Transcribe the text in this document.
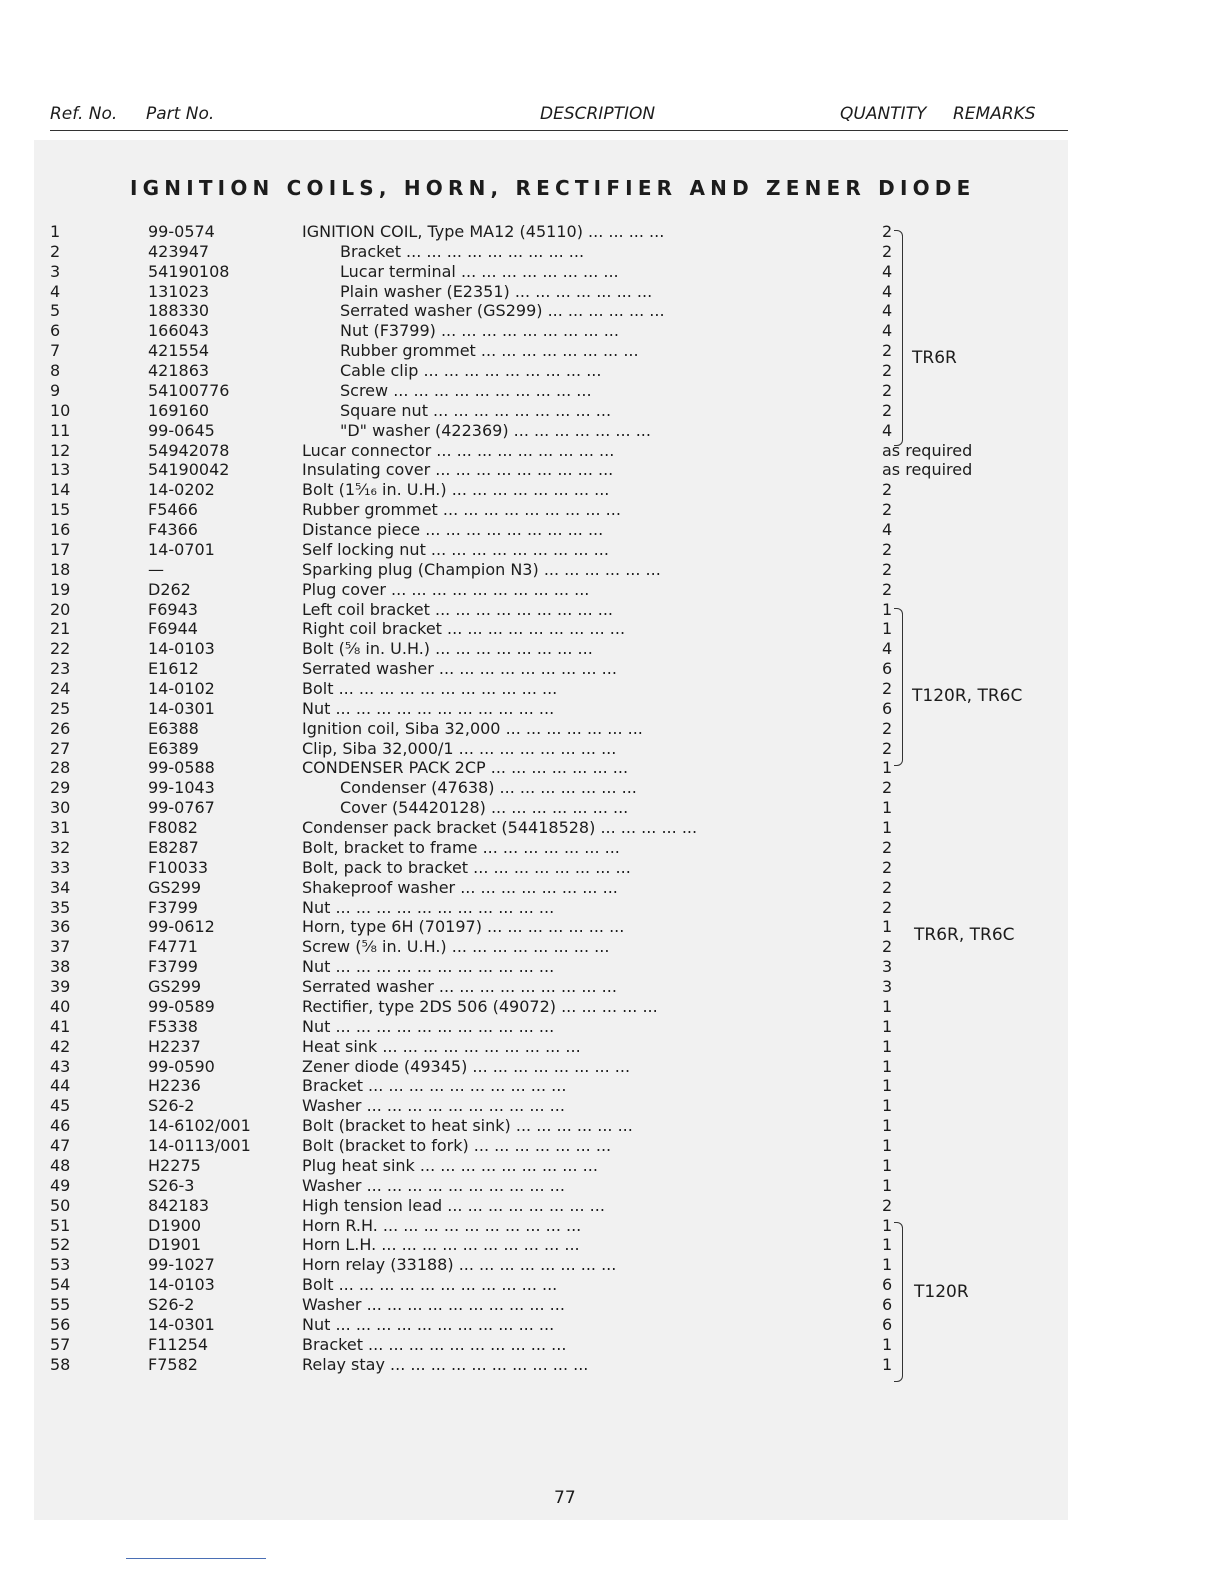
Ref. No. Part No.	DESCRIPTION	QUANTITY REMARKS
IGNITION COILS, HORN, RECTIFIER AND ZENER DIODE
1	99-0574	IGNITION COIL, Type MA12 (45110) ... ... ... ...	2
2	423947	Bracket ... ... ... ... ... ... ... ... ...	2
3	54190108	Lucar terminal ... ... ... ... ... ... ... ...	4
4	131023	Plain washer (E2351) ... ... ... ... ... ... ...	4
5	188330	Serrated washer (GS299) ... ... ... ... ... ...	4
6	166043	Nut (F3799) ... ... ... ... ... ... ... ... ...	4
7	421554	Rubber grommet ... ... ... ... ... ... ... ...	2
8	421863	Cable clip ... ... ... ... ... ... ... ... ...	2
9	54100776	Screw ... ... ... ... ... ... ... ... ... ...	2
10	169160	Square nut ... ... ... ... ... ... ... ... ...	2
11	99-0645	"D" washer (422369) ... ... ... ... ... ... ...	4
12	54942078	Lucar connector ... ... ... ... ... ... ... ... ...	as required
13	54190042	Insulating cover ... ... ... ... ... ... ... ... ...	as required
14	14-0202	Bolt (1⁵⁄₁₆ in. U.H.) ... ... ... ... ... ... ... ...	2
15	F5466	Rubber grommet ... ... ... ... ... ... ... ... ...	2
16	F4366	Distance piece ... ... ... ... ... ... ... ... ...	4
17	14-0701	Self locking nut ... ... ... ... ... ... ... ... ...	2
18	—	Sparking plug (Champion N3) ... ... ... ... ... ...	2
19	D262	Plug cover ... ... ... ... ... ... ... ... ... ...	2
20	F6943	Left coil bracket ... ... ... ... ... ... ... ... ...	1
21	F6944	Right coil bracket ... ... ... ... ... ... ... ... ...	1
22	14-0103	Bolt (⁵⁄₈ in. U.H.) ... ... ... ... ... ... ... ...	4
23	E1612	Serrated washer ... ... ... ... ... ... ... ... ...	6
24	14-0102	Bolt ... ... ... ... ... ... ... ... ... ... ...	2
25	14-0301	Nut ... ... ... ... ... ... ... ... ... ... ...	6
26	E6388	Ignition coil, Siba 32,000 ... ... ... ... ... ... ...	2
27	E6389	Clip, Siba 32,000/1 ... ... ... ... ... ... ... ...	2
28	99-0588	CONDENSER PACK 2CP ... ... ... ... ... ... ...	1
29	99-1043	Condenser (47638) ... ... ... ... ... ... ...	2
30	99-0767	Cover (54420128) ... ... ... ... ... ... ...	1
31	F8082	Condenser pack bracket (54418528) ... ... ... ... ...	1
32	E8287	Bolt, bracket to frame ... ... ... ... ... ... ...	2
33	F10033	Bolt, pack to bracket ... ... ... ... ... ... ... ...	2
34	GS299	Shakeproof washer ... ... ... ... ... ... ... ...	2
35	F3799	Nut ... ... ... ... ... ... ... ... ... ... ...	2
36	99-0612	Horn, type 6H (70197) ... ... ... ... ... ... ...	1
37	F4771	Screw (⁵⁄₈ in. U.H.) ... ... ... ... ... ... ... ...	2
38	F3799	Nut ... ... ... ... ... ... ... ... ... ... ...	3
39	GS299	Serrated washer ... ... ... ... ... ... ... ... ...	3
40	99-0589	Rectifier, type 2DS 506 (49072) ... ... ... ... ...	1
41	F5338	Nut ... ... ... ... ... ... ... ... ... ... ...	1
42	H2237	Heat sink ... ... ... ... ... ... ... ... ... ...	1
43	99-0590	Zener diode (49345) ... ... ... ... ... ... ... ...	1
44	H2236	Bracket ... ... ... ... ... ... ... ... ... ...	1
45	S26-2	Washer ... ... ... ... ... ... ... ... ... ...	1
46	14-6102/001	Bolt (bracket to heat sink) ... ... ... ... ... ...	1
47	14-0113/001	Bolt (bracket to fork) ... ... ... ... ... ... ...	1
48	H2275	Plug heat sink ... ... ... ... ... ... ... ... ...	1
49	S26-3	Washer ... ... ... ... ... ... ... ... ... ...	1
50	842183	High tension lead ... ... ... ... ... ... ... ...	2
51	D1900	Horn R.H. ... ... ... ... ... ... ... ... ... ...	1
52	D1901	Horn L.H. ... ... ... ... ... ... ... ... ... ...	1
53	99-1027	Horn relay (33188) ... ... ... ... ... ... ... ...	1
54	14-0103	Bolt ... ... ... ... ... ... ... ... ... ... ...	6
55	S26-2	Washer ... ... ... ... ... ... ... ... ... ...	6
56	14-0301	Nut ... ... ... ... ... ... ... ... ... ... ...	6
57	F11254	Bracket ... ... ... ... ... ... ... ... ... ...	1
58	F7582	Relay stay ... ... ... ... ... ... ... ... ... ...	1
TR6R
T120R, TR6C
TR6R, TR6C
T120R
77
